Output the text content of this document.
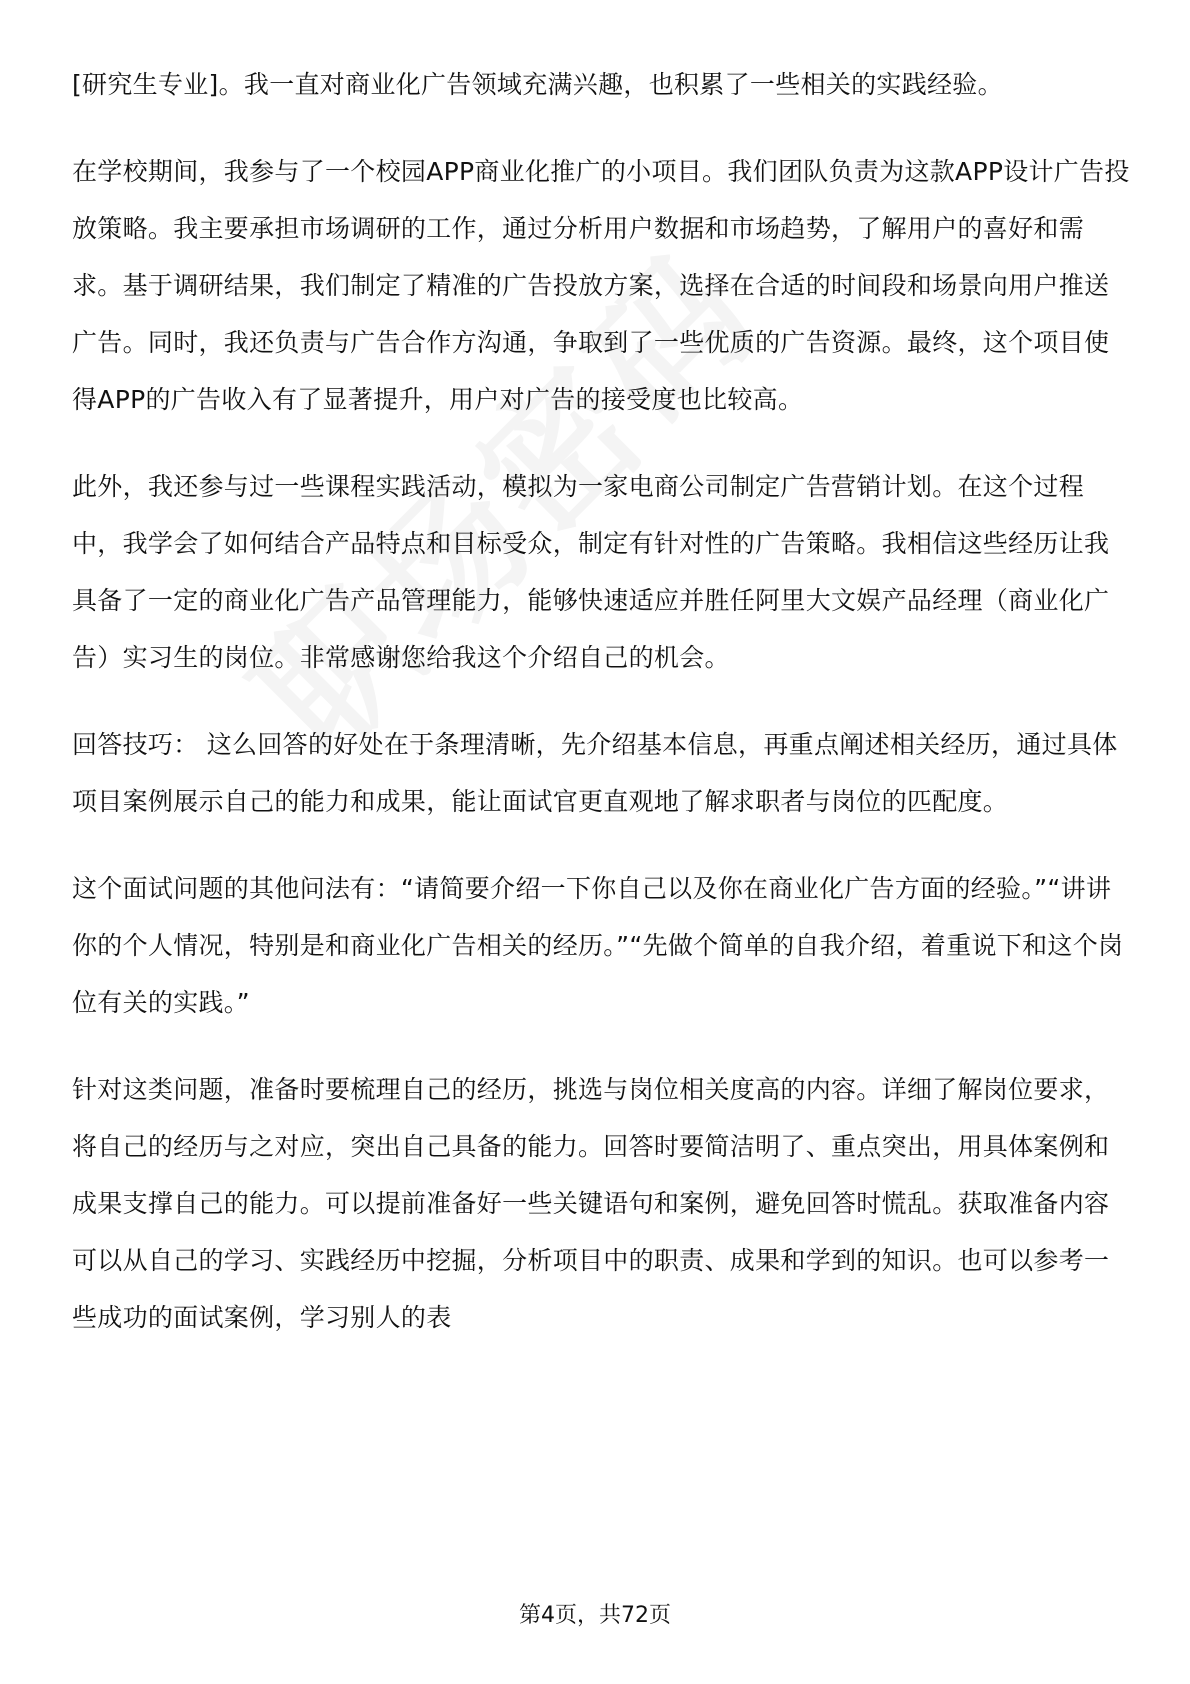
[研究生专业]。我一直对商业化广告领域充满兴趣，也积累了一些相关的实践经验。

在学校期间，我参与了一个校园APP商业化推广的小项目。我们团队负责为这款APP设计广告投放策略。我主要承担市场调研的工作，通过分析用户数据和市场趋势，了解用户的喜好和需求。基于调研结果，我们制定了精准的广告投放方案，选择在合适的时间段和场景向用户推送广告。同时，我还负责与广告合作方沟通，争取到了一些优质的广告资源。最终，这个项目使得APP的广告收入有了显著提升，用户对广告的接受度也比较高。

此外，我还参与过一些课程实践活动，模拟为一家电商公司制定广告营销计划。在这个过程中，我学会了如何结合产品特点和目标受众，制定有针对性的广告策略。我相信这些经历让我具备了一定的商业化广告产品管理能力，能够快速适应并胜任阿里大文娱产品经理（商业化广告）实习生的岗位。非常感谢您给我这个介绍自己的机会。

回答技巧： 这么回答的好处在于条理清晰，先介绍基本信息，再重点阐述相关经历，通过具体项目案例展示自己的能力和成果，能让面试官更直观地了解求职者与岗位的匹配度。

这个面试问题的其他问法有：“请简要介绍一下你自己以及你在商业化广告方面的经验。”“讲讲你的个人情况，特别是和商业化广告相关的经历。”“先做个简单的自我介绍，着重说下和这个岗位有关的实践。”

针对这类问题，准备时要梳理自己的经历，挑选与岗位相关度高的内容。详细了解岗位要求，将自己的经历与之对应，突出自己具备的能力。回答时要简洁明了、重点突出，用具体案例和成果支撑自己的能力。可以提前准备好一些关键语句和案例，避免回答时慌乱。获取准备内容可以从自己的学习、实践经历中挖掘，分析项目中的职责、成果和学到的知识。也可以参考一些成功的面试案例，学习别人的表

第4页，共72页
